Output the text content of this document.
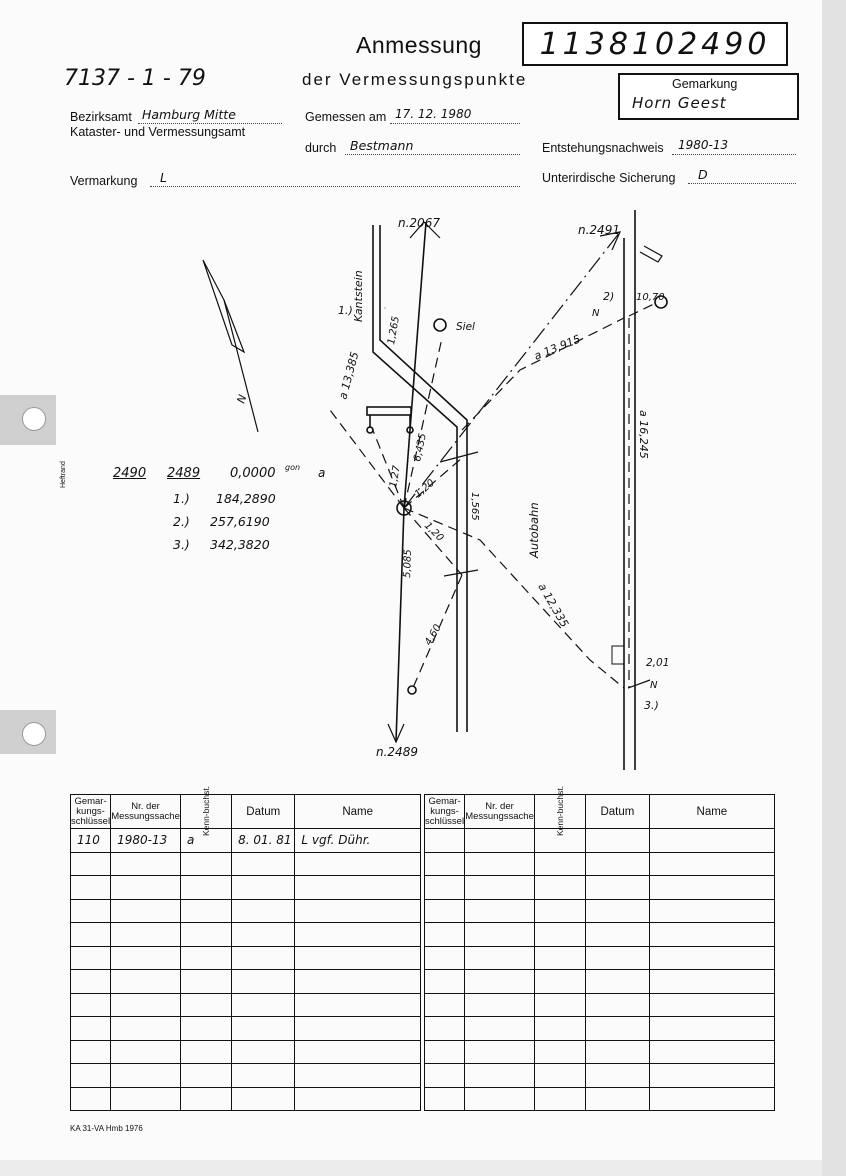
Anmessung
der Vermessungspunkte
1138102490
7137 - 1 - 79	Gemarkung
Horn Geest
Bezirksamt Hamburg Mitte
Kataster- und Vermessungsamt
Gemessen am 17. 12. 1980
durch Bestmann	Entstehungsnachweis 1980-13
Vermarkung L	Unterirdische Sicherung D
Heftrand
n.2067	n.2491
n.2489
Kantstein
Autobahn
Siel
1.)
2)
3.)
a 13,385
1,265
6,435
1,27
1,20
1,20
5,085
4,60
1,565
a 13,915
a 16,245
a 12,335
10,70
2,01
N
N
N
2490 2489 0,0000 gon a
1.) 184,2890
2.) 257,6190
3.) 342,3820
Gemar-kungs-schlüssel	Nr. der Messungssache	Kenn-buchst.	Datum	Name
110	1980-13	a	8. 01. 81	L vgf. Dühr.

Gemar-kungs-schlüssel	Nr. der Messungssache	Kenn-buchst.	Datum	Name

KA 31-VA Hmb 1976
